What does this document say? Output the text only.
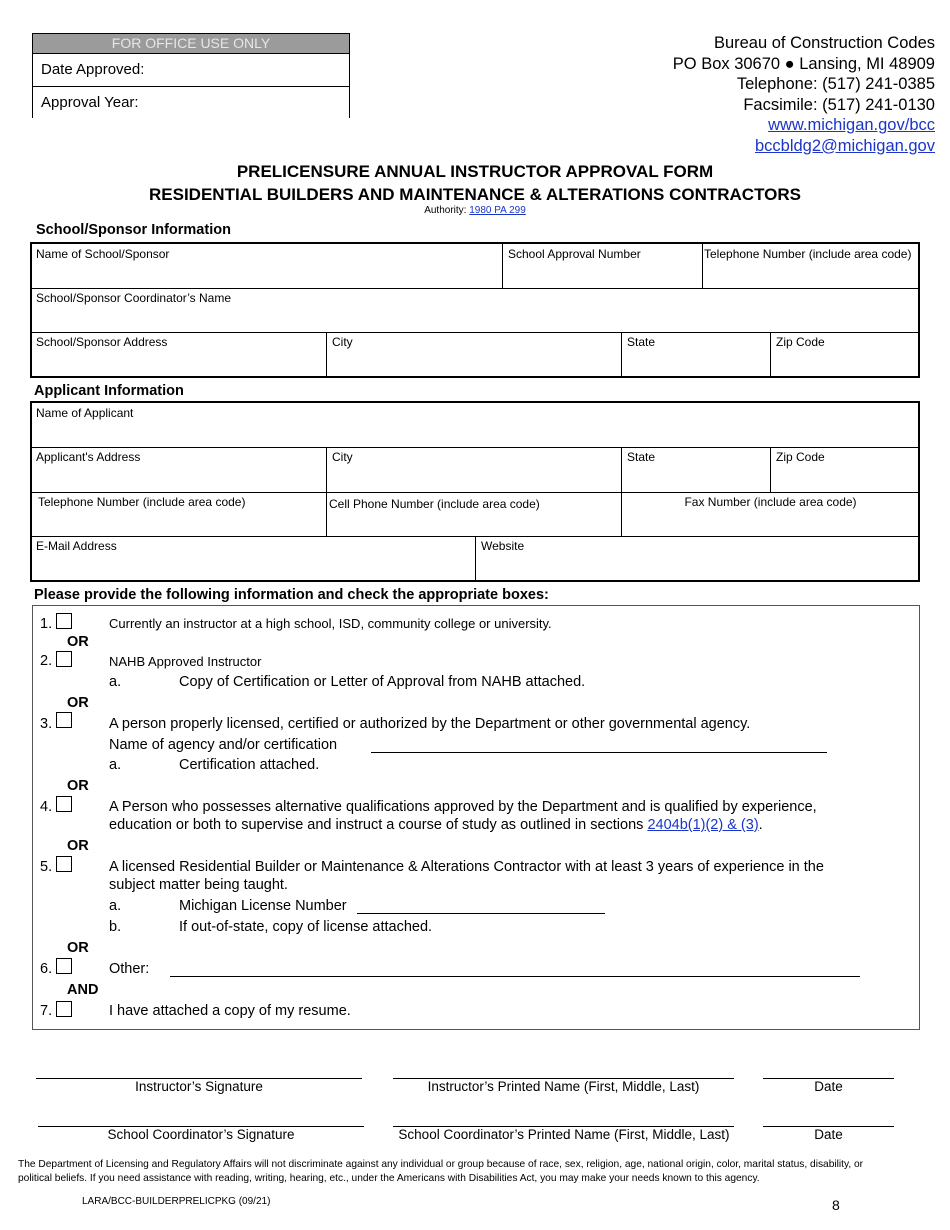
FOR OFFICE USE ONLY
Date Approved:
Approval Year:
Bureau of Construction Codes
PO Box 30670 ● Lansing, MI 48909
Telephone: (517) 241-0385
Facsimile: (517) 241-0130
www.michigan.gov/bcc
bccbldg2@michigan.gov
PRELICENSURE ANNUAL INSTRUCTOR APPROVAL FORM
RESIDENTIAL BUILDERS AND MAINTENANCE & ALTERATIONS CONTRACTORS
Authority: 1980 PA 299
School/Sponsor Information
Name of School/Sponsor	School Approval Number	Telephone Number (include area code)
School/Sponsor Coordinator’s Name
School/Sponsor Address	City	State	Zip Code
Applicant Information
Name of Applicant
Applicant's Address	City	State	Zip Code
Telephone Number (include area code)	Cell Phone Number (include area code)	Fax Number (include area code)
E-Mail Address	Website
Please provide the following information and check the appropriate boxes:
1.	Currently an instructor at a high school, ISD, community college or university.
OR
2.	NAHB Approved Instructor
a.	Copy of Certification or Letter of Approval from NAHB attached.
OR
3.	A person properly licensed, certified or authorized by the Department or other governmental agency.
Name of agency and/or certification
a.	Certification attached.
OR
4.	A Person who possesses alternative qualifications approved by the Department and is qualified by experience,
education or both to supervise and instruct a course of study as outlined in sections 2404b(1)(2) & (3).
OR
5.	A licensed Residential Builder or Maintenance & Alterations Contractor with at least 3 years of experience in the
subject matter being taught.
a.	Michigan License Number
b.	If out-of-state, copy of license attached.
OR
6.	Other:
AND
7.	I have attached a copy of my resume.
Instructor’s Signature	Instructor’s Printed Name (First, Middle, Last)	Date
School Coordinator’s Signature	School Coordinator’s Printed Name (First, Middle, Last)	Date
The Department of Licensing and Regulatory Affairs will not discriminate against any individual or group because of race, sex, religion, age, national origin, color, marital status, disability, or
political beliefs. If you need assistance with reading, writing, hearing, etc., under the Americans with Disabilities Act, you may make your needs known to this agency.
LARA/BCC-BUILDERPRELICPKG (09/21)	8
